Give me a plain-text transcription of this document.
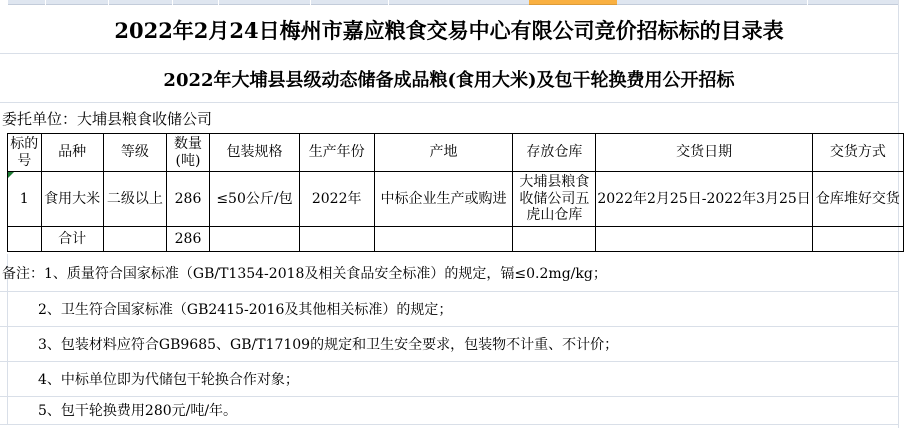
2022年2月24日梅州市嘉应粮食交易中心有限公司竞价招标标的目录表
2022年大埔县县级动态储备成品粮(食用大米)及包干轮换费用公开招标
委托单位：大埔县粮食收储公司
标的号	品种	等级	数量(吨)	包装规格	生产年份	产地	存放仓库	交货日期	交货方式

1	食用大米	二级以上	286	≤50公斤/包	2022年	中标企业生产或购进	大埔县粮食收储公司五虎山仓库	2022年2月25日-2022年3月25日	仓库堆好交货
	合计		286						
备注：1、质量符合国家标准（GB/T1354-2018及相关食品安全标准）的规定，镉≤0.2mg/kg；
2、卫生符合国家标准（GB2415-2016及其他相关标准）的规定；
3、包装材料应符合GB9685、GB/T17109的规定和卫生安全要求，包装物不计重、不计价；
4、中标单位即为代储包干轮换合作对象；
5、包干轮换费用280元/吨/年。
